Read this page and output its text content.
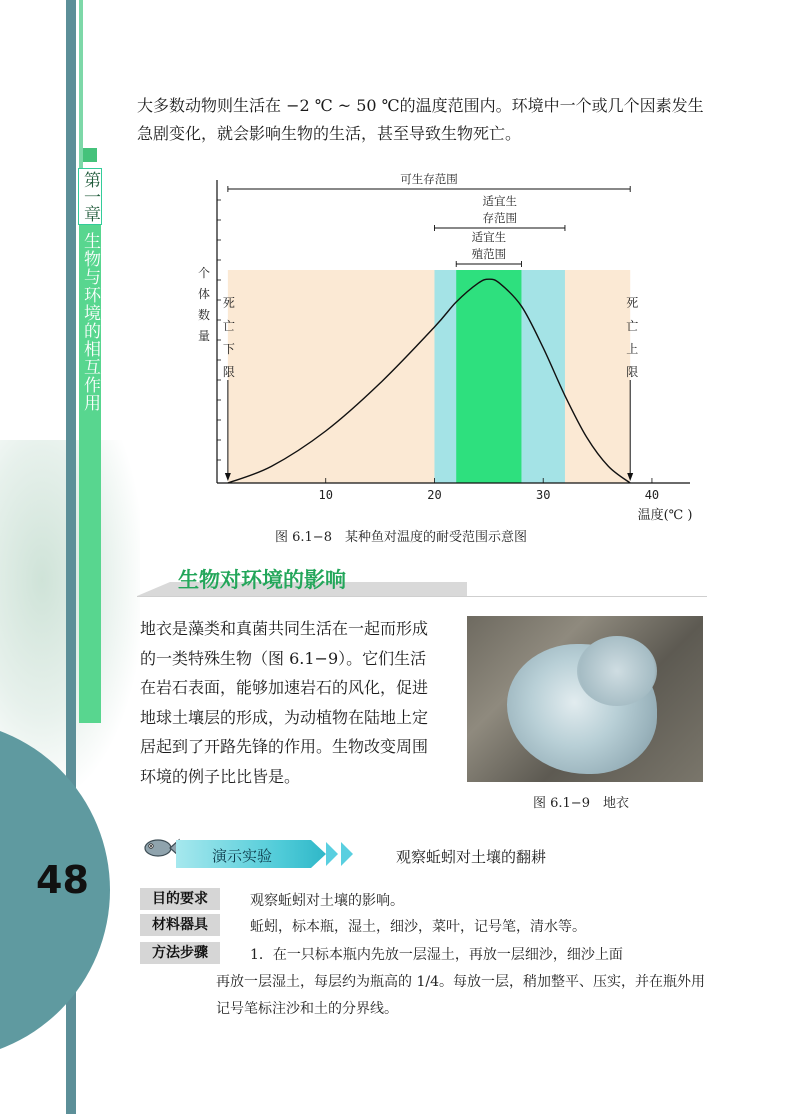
第一章
生物与环境的相互作用
48
大多数动物则生活在 −2 ℃ ~ 50 ℃的温度范围内。环境中一个或几个因素发生急剧变化，就会影响生物的生活，甚至导致生物死亡。
10	20	30	40
温度(℃ )
个
体
数
量
死
亡
下
限
死
亡
上
限
可生存范围
适宜生
存范围
适宜生
殖范围
图 6.1−8　某种鱼对温度的耐受范围示意图
生物对环境的影响
地衣是藻类和真菌共同生活在一起而形成的一类特殊生物（图 6.1−9）。它们生活在岩石表面，能够加速岩石的风化，促进地球土壤层的形成，为动植物在陆地上定居起到了开路先锋的作用。生物改变周围环境的例子比比皆是。
图 6.1−9　地衣
演示实验	观察蚯蚓对土壤的翻耕
目的要求	观察蚯蚓对土壤的影响。
材料器具	蚯蚓，标本瓶，湿土，细沙，菜叶，记号笔，清水等。
方法步骤	1．在一只标本瓶内先放一层湿土，再放一层细沙，细沙上面
再放一层湿土，每层约为瓶高的 1/4。每放一层，稍加整平、压实，并在瓶外用记号笔标注沙和土的分界线。
